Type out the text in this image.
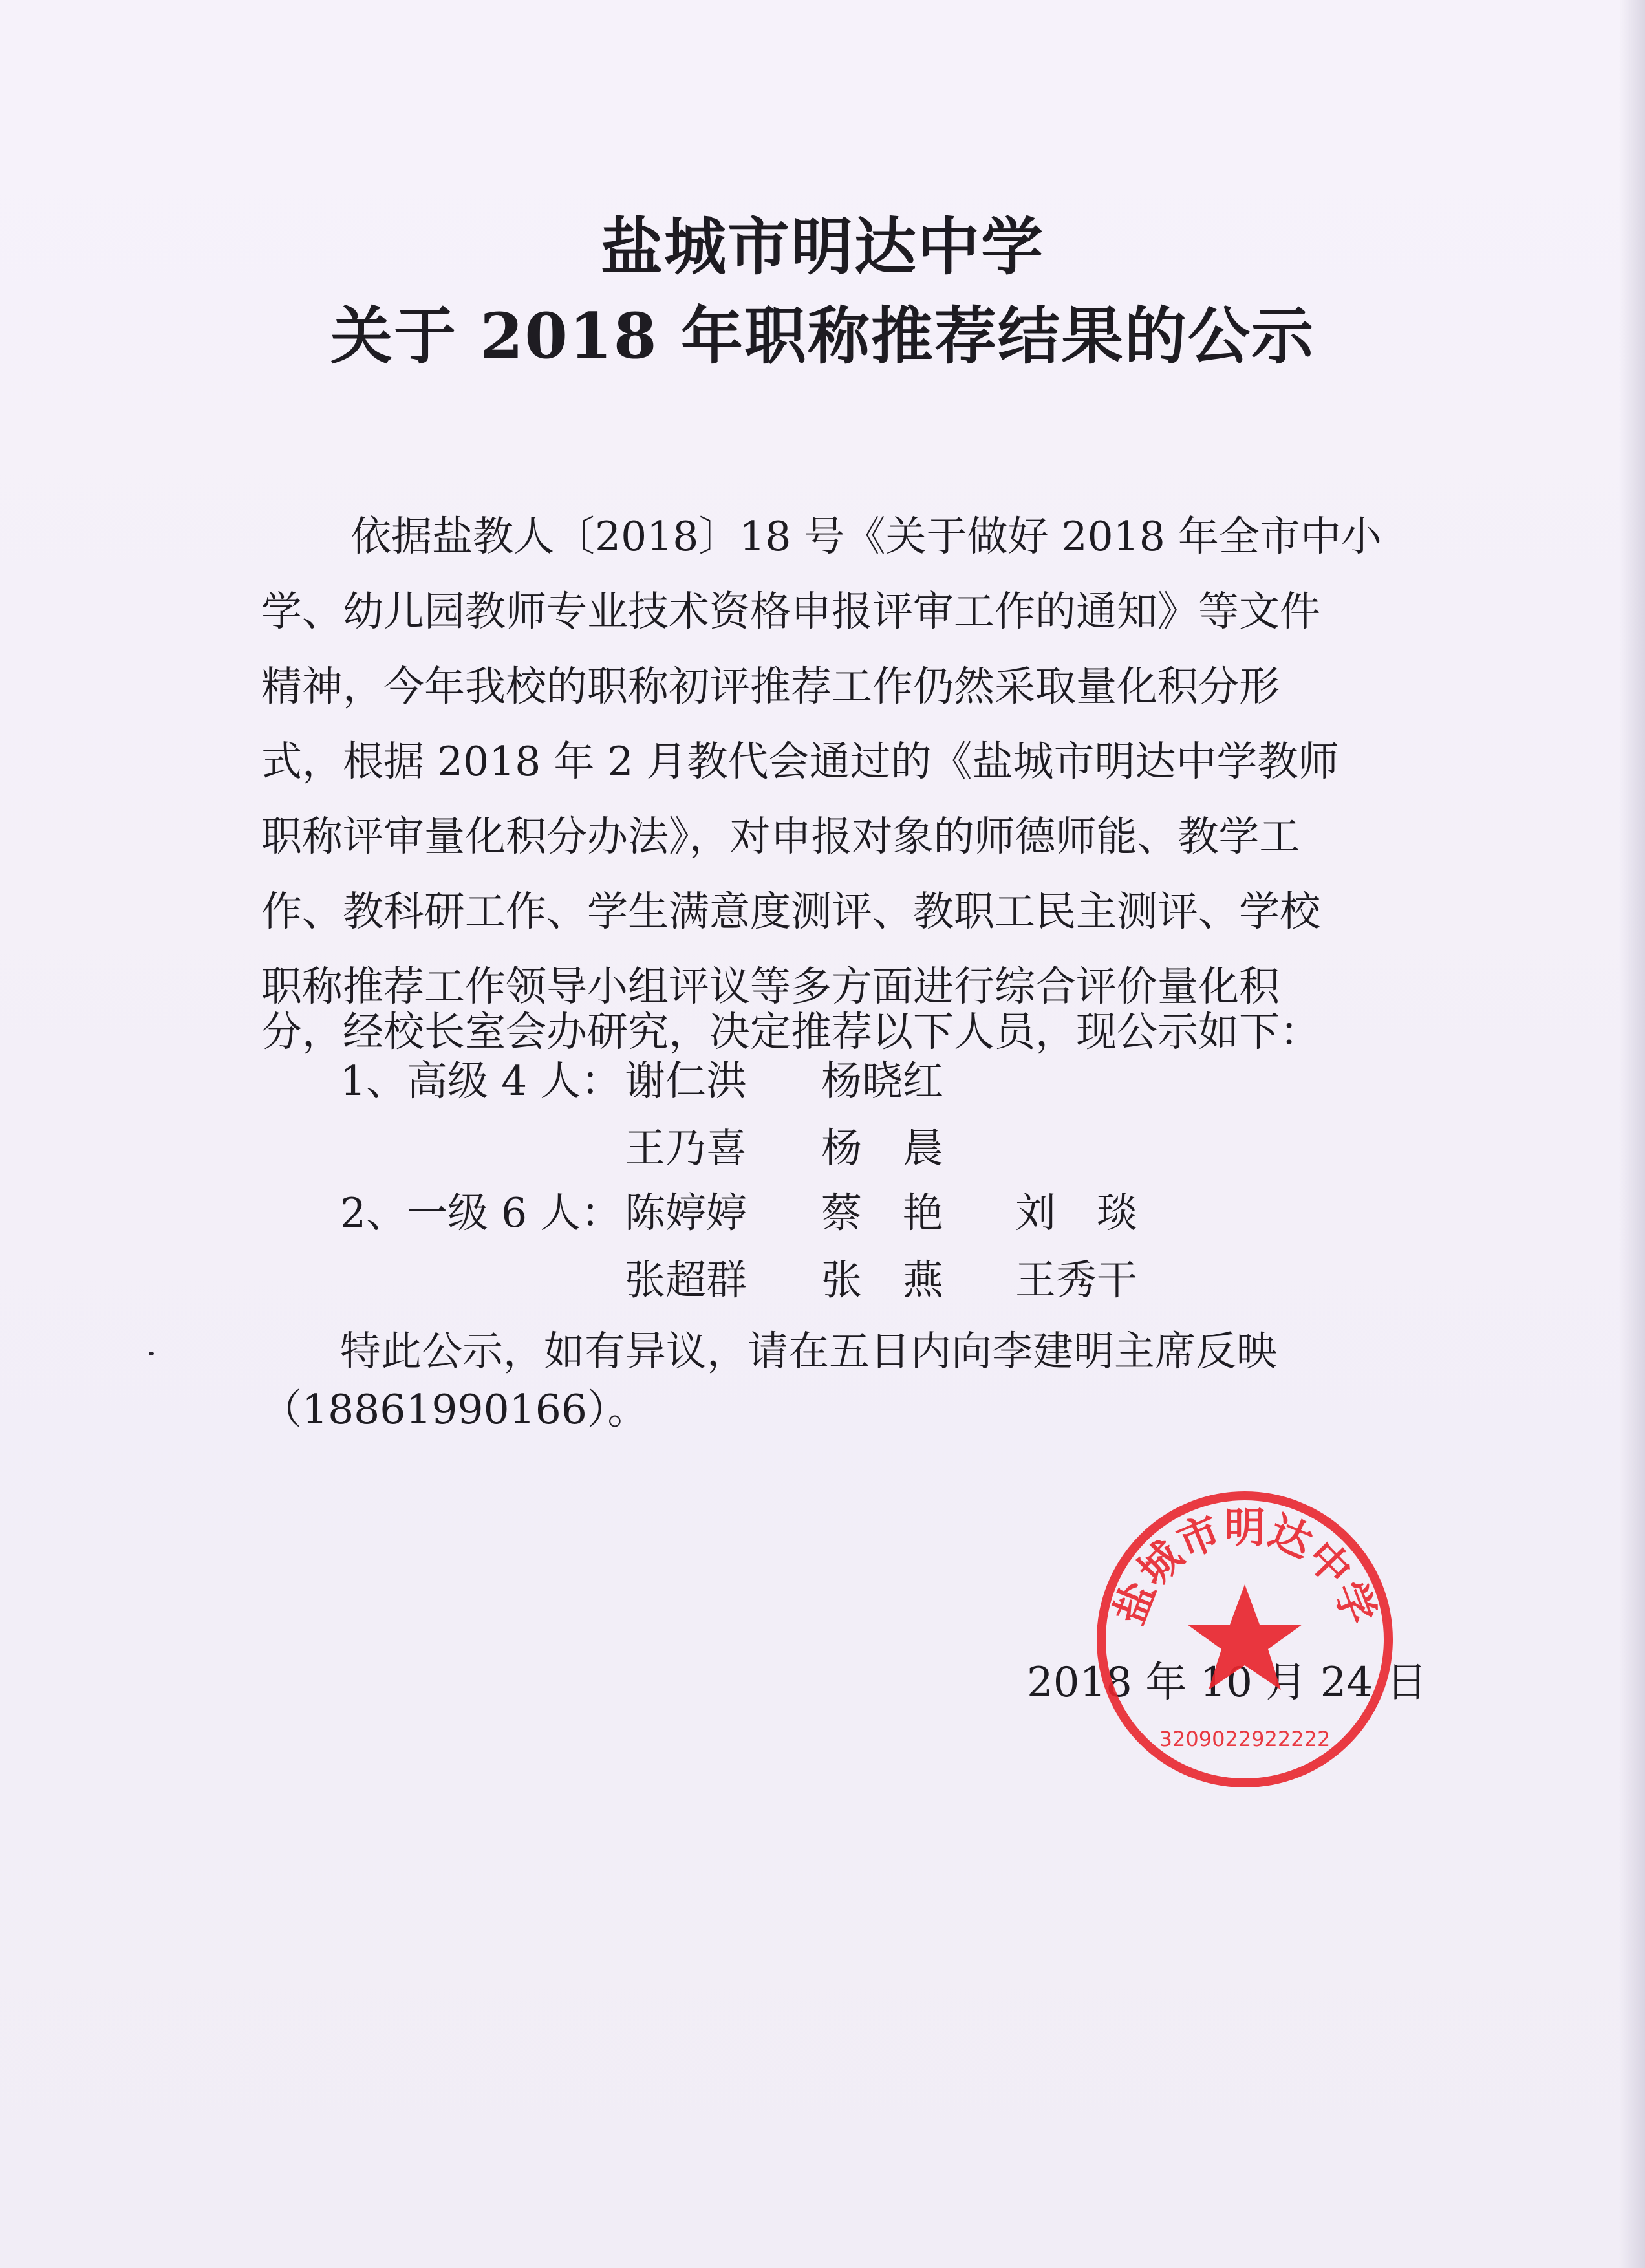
盐城市明达中学
关于 2018 年职称推荐结果的公示
依据盐教人〔2018〕18 号《关于做好 2018 年全市中小
学、幼儿园教师专业技术资格申报评审工作的通知》等文件
精神，今年我校的职称初评推荐工作仍然采取量化积分形
式，根据 2018 年 2 月教代会通过的《盐城市明达中学教师
职称评审量化积分办法》，对申报对象的师德师能、教学工
作、教科研工作、学生满意度测评、教职工民主测评、学校
职称推荐工作领导小组评议等多方面进行综合评价量化积
分，经校长室会办研究，决定推荐以下人员，现公示如下：
1、高级 4 人： 谢仁洪 杨晓红
王乃喜 杨　晨
2、一级 6 人： 陈婷婷 蔡　艳 刘　琰
张超群 张　燕 王秀干
特此公示，如有异议，请在五日内向李建明主席反映
（18861990166）。
2018 年 10 月 24 日
盐城市明达中学
3209022922222
